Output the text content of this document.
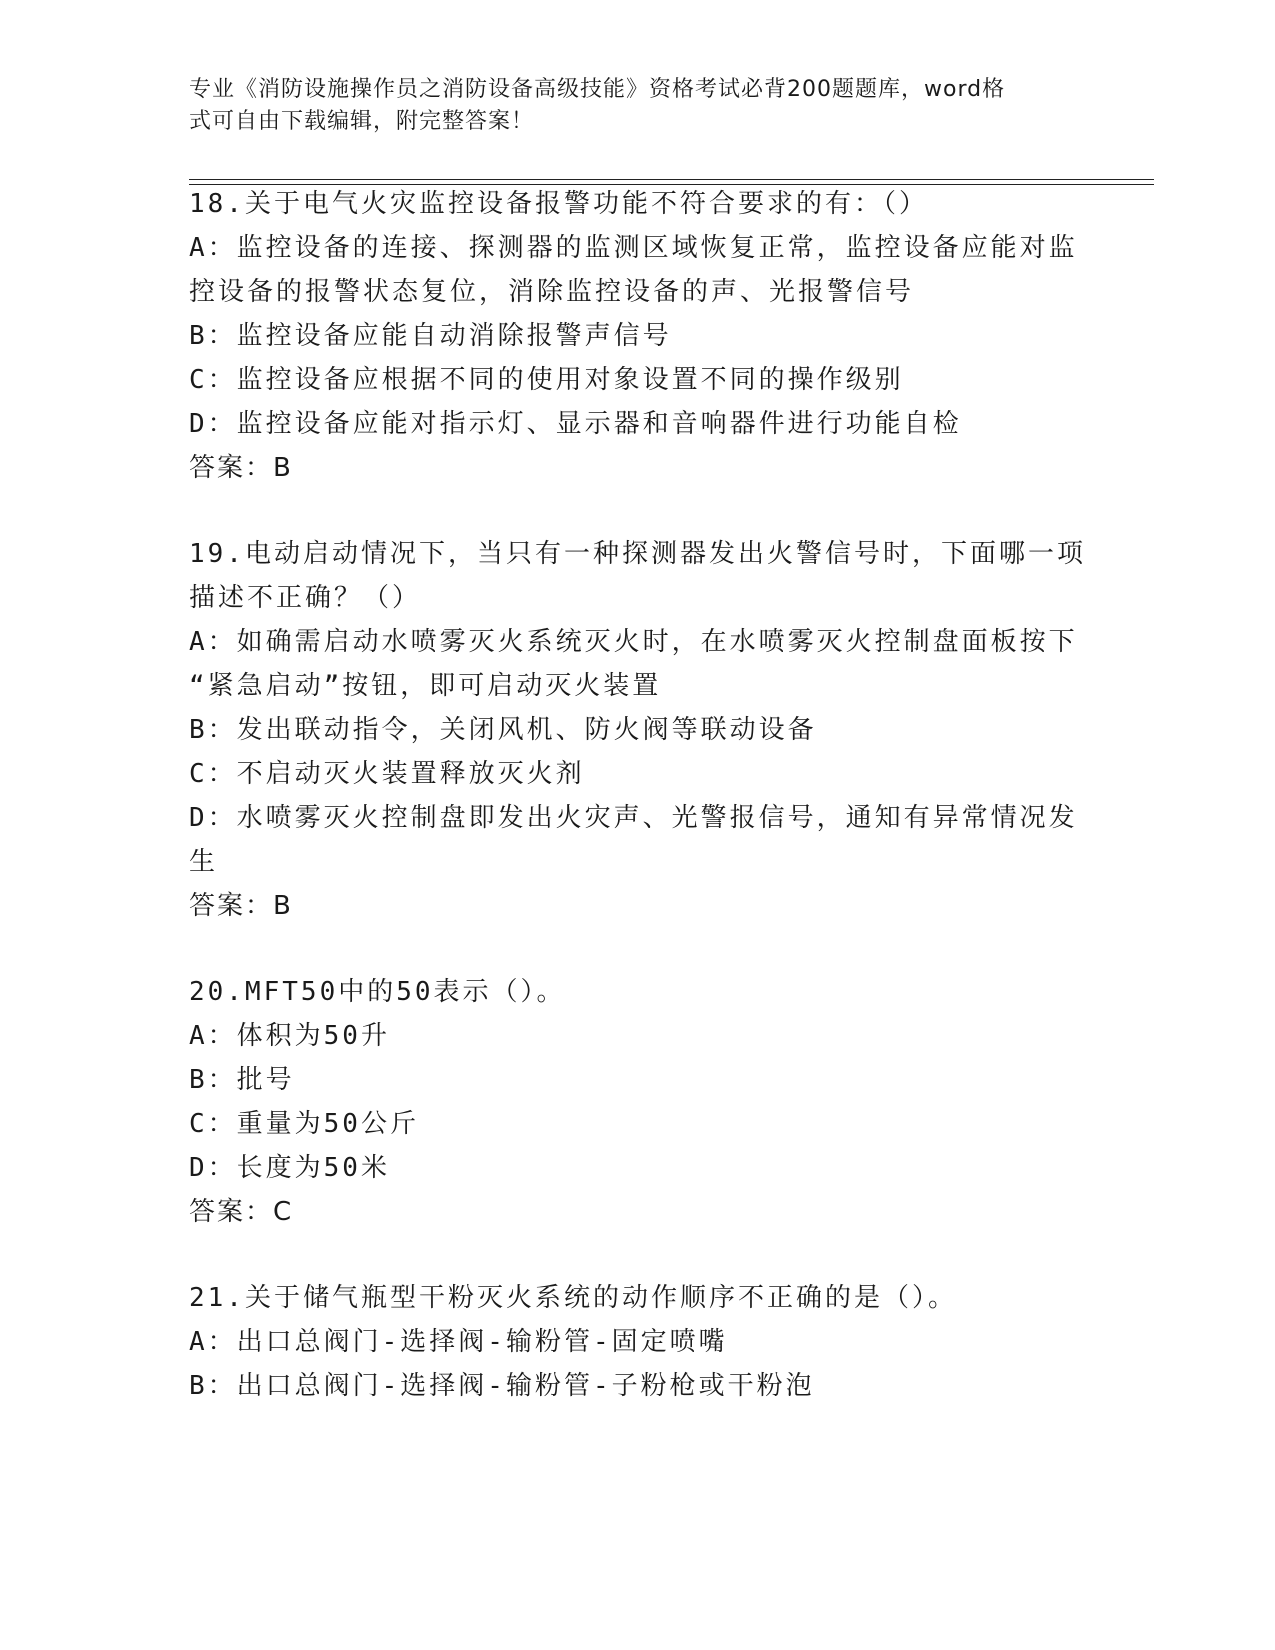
专业《消防设施操作员之消防设备高级技能》资格考试必背200题题库，word格
式可自由下载编辑，附完整答案！
18.关于电气火灾监控设备报警功能不符合要求的有：（）
A：监控设备的连接、探测器的监测区域恢复正常，监控设备应能对监
控设备的报警状态复位，消除监控设备的声、光报警信号
B：监控设备应能自动消除报警声信号
C：监控设备应根据不同的使用对象设置不同的操作级别
D：监控设备应能对指示灯、显示器和音响器件进行功能自检
答案：B
19.电动启动情况下，当只有一种探测器发出火警信号时，下面哪一项
描述不正确？（）
A：如确需启动水喷雾灭火系统灭火时，在水喷雾灭火控制盘面板按下
“紧急启动”按钮，即可启动灭火装置
B：发出联动指令，关闭风机、防火阀等联动设备
C：不启动灭火装置释放灭火剂
D：水喷雾灭火控制盘即发出火灾声、光警报信号，通知有异常情况发
生
答案：B
20.MFT50中的50表示（）。
A：体积为50升
B：批号
C：重量为50公斤
D：长度为50米
答案：C
21.关于储气瓶型干粉灭火系统的动作顺序不正确的是（）。
A：出口总阀门-选择阀-输粉管-固定喷嘴
B：出口总阀门-选择阀-输粉管-子粉枪或干粉泡
